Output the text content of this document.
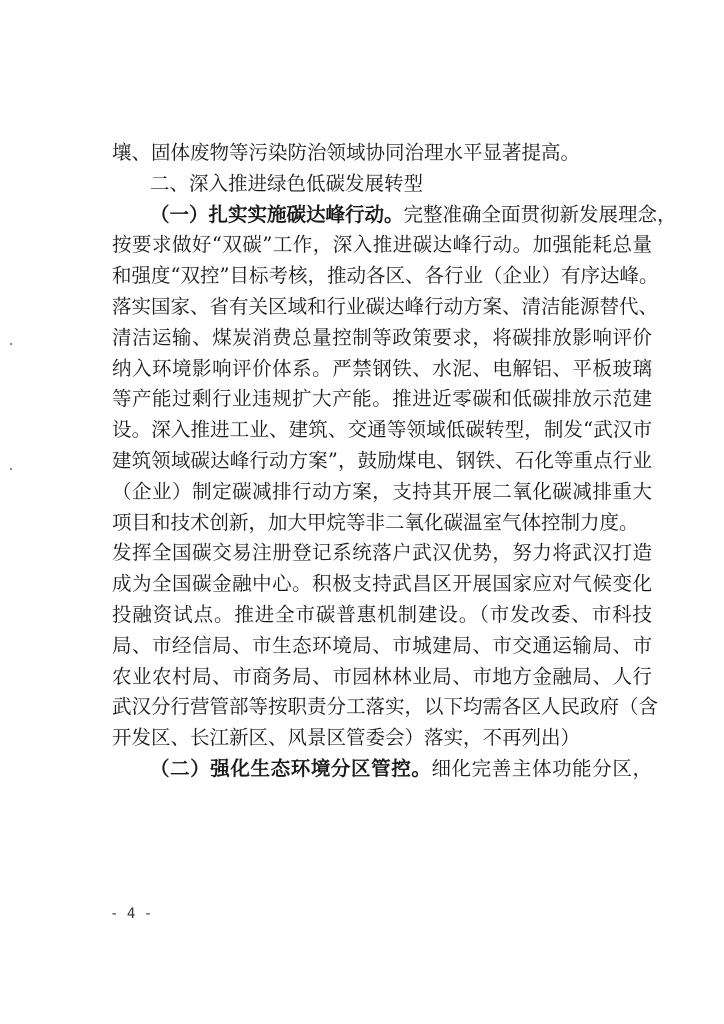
壤、固体废物等污染防治领域协同治理水平显著提高。
二、深入推进绿色低碳发展转型
（一）扎实实施碳达峰行动。完整准确全面贯彻新发展理念，
按要求做好“双碳”工作，深入推进碳达峰行动。加强能耗总量
和强度“双控”目标考核，推动各区、各行业（企业）有序达峰。
落实国家、省有关区域和行业碳达峰行动方案、清洁能源替代、
清洁运输、煤炭消费总量控制等政策要求，将碳排放影响评价
纳入环境影响评价体系。严禁钢铁、水泥、电解铝、平板玻璃
等产能过剩行业违规扩大产能。推进近零碳和低碳排放示范建
设。深入推进工业、建筑、交通等领域低碳转型，制发“武汉市
建筑领域碳达峰行动方案”，鼓励煤电、钢铁、石化等重点行业
（企业）制定碳减排行动方案，支持其开展二氧化碳减排重大
项目和技术创新，加大甲烷等非二氧化碳温室气体控制力度。
发挥全国碳交易注册登记系统落户武汉优势，努力将武汉打造
成为全国碳金融中心。积极支持武昌区开展国家应对气候变化
投融资试点。推进全市碳普惠机制建设。（市发改委、市科技
局、市经信局、市生态环境局、市城建局、市交通运输局、市
农业农村局、市商务局、市园林林业局、市地方金融局、人行
武汉分行营管部等按职责分工落实，以下均需各区人民政府（含
开发区、长江新区、风景区管委会）落实，不再列出）
（二）强化生态环境分区管控。细化完善主体功能分区，
- 4 -
